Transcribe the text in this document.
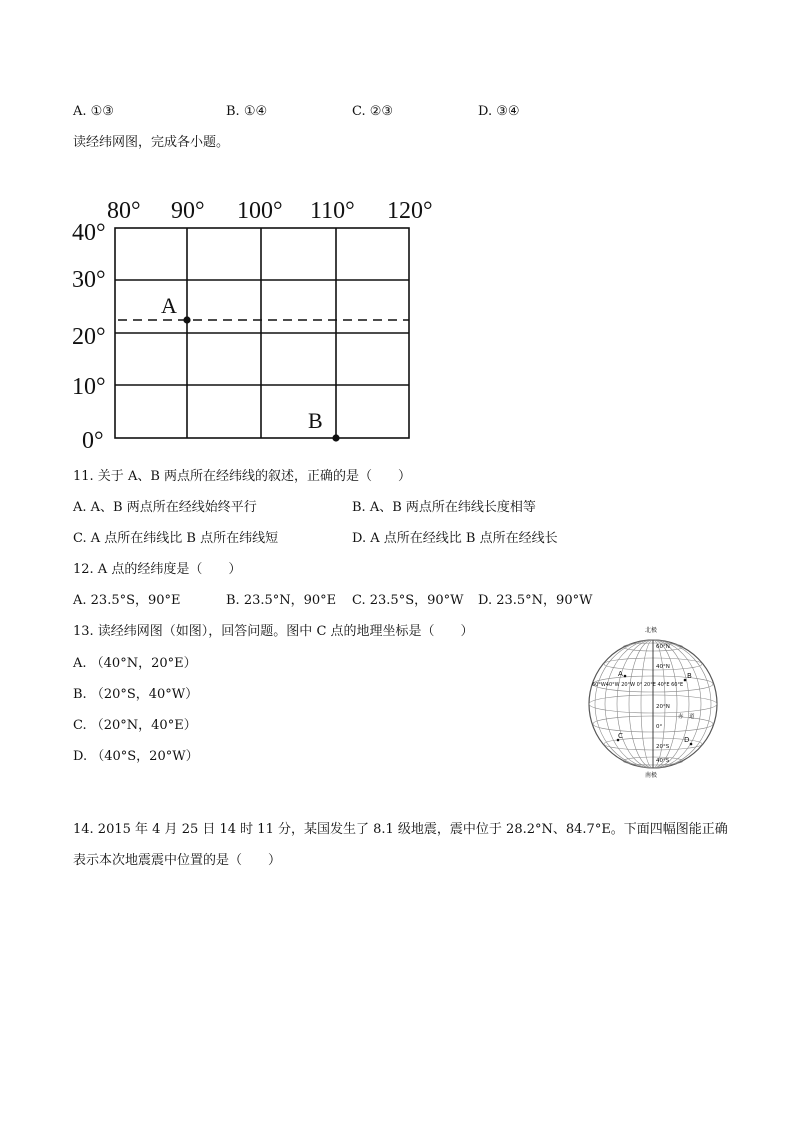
A. ①③	B. ①④	C. ②③	D. ③④
读经纬网图，完成各小题。
80° 90° 100° 110° 120°
40°
30°
20°
10°
0°
A
B
11. 关于 A、B 两点所在经纬线的叙述，正确的是（　　）
A. A、B 两点所在经线始终平行	B. A、B 两点所在纬线长度相等
C. A 点所在纬线比 B 点所在纬线短	D. A 点所在经线比 B 点所在经线长
12. A 点的经纬度是（　　）
A. 23.5°S，90°E	B. 23.5°N，90°E C. 23.5°S，90°W D. 23.5°N，90°W
13. 读经纬网图（如图），回答问题。图中 C 点的地理坐标是（　　）
A. （40°N，20°E）
B. （20°S，40°W）
C. （20°N，40°E）
D. （40°S，20°W）
北极
南极
60°N
40°N
20°N
0°
20°S
40°S
60°W40°W 20°W 0° 20°E 40°E 60°E
赤　道
A	B
C	D
14. 2015 年 4 月 25 日 14 时 11 分，某国发生了 8.1 级地震，震中位于 28.2°N、84.7°E。下面四幅图能正确
表示本次地震震中位置的是（　　）
